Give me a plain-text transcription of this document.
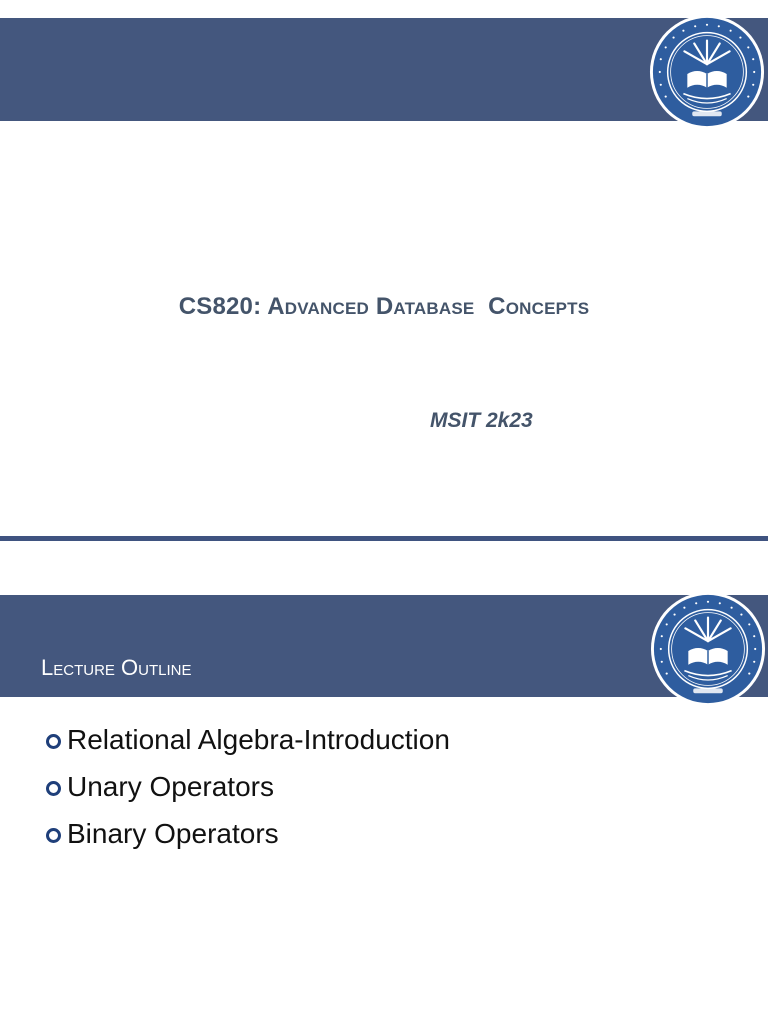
CS820: Advanced Database  Concepts
MSIT 2k23
Lecture Outline
Relational Algebra-Introduction
Unary Operators
Binary Operators
